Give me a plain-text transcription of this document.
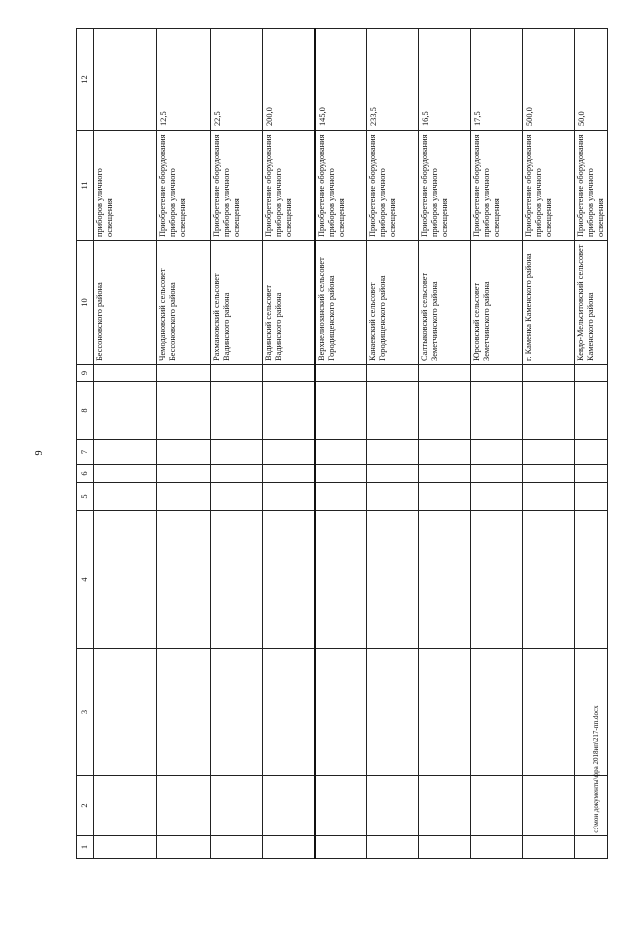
9
1	2	3	4	5	6	7	8	9	10	11	12
									Бессоновского района	приборов уличного освещения	
									Чемодановский сельсовет Бессоновского района	Приобретение оборудования приборов уличного освещения	12,5
									Рахмановский сельсовет Вадинского района	Приобретение оборудования приборов уличного освещения	22,5
									Вадинский сельсовет Вадинского района	Приобретение оборудования приборов уличного освещения	200,0
									Верхнелиозанский сельсовет Городищенского района	Приобретение оборудования приборов уличного освещения	145,0
									Канаевский сельсовет Городищенского района	Приобретение оборудования приборов уличного освещения	233,5
									Салтыковский сельсовет Земетчинского района	Приобретение оборудования приборов уличного освещения	16,5
									Юрсовский сельсовет Земетчинского района	Приобретение оборудования приборов уличного освещения	17,5
									г. Каменка Каменского района	Приобретение оборудования приборов уличного освещения	500,0
									Кевдо-Мельситовский сельсовет Каменского района	Приобретение оборудования приборов уличного освещения	50,0
c:\мои документы\фра 2018ип\217-пп.docx
